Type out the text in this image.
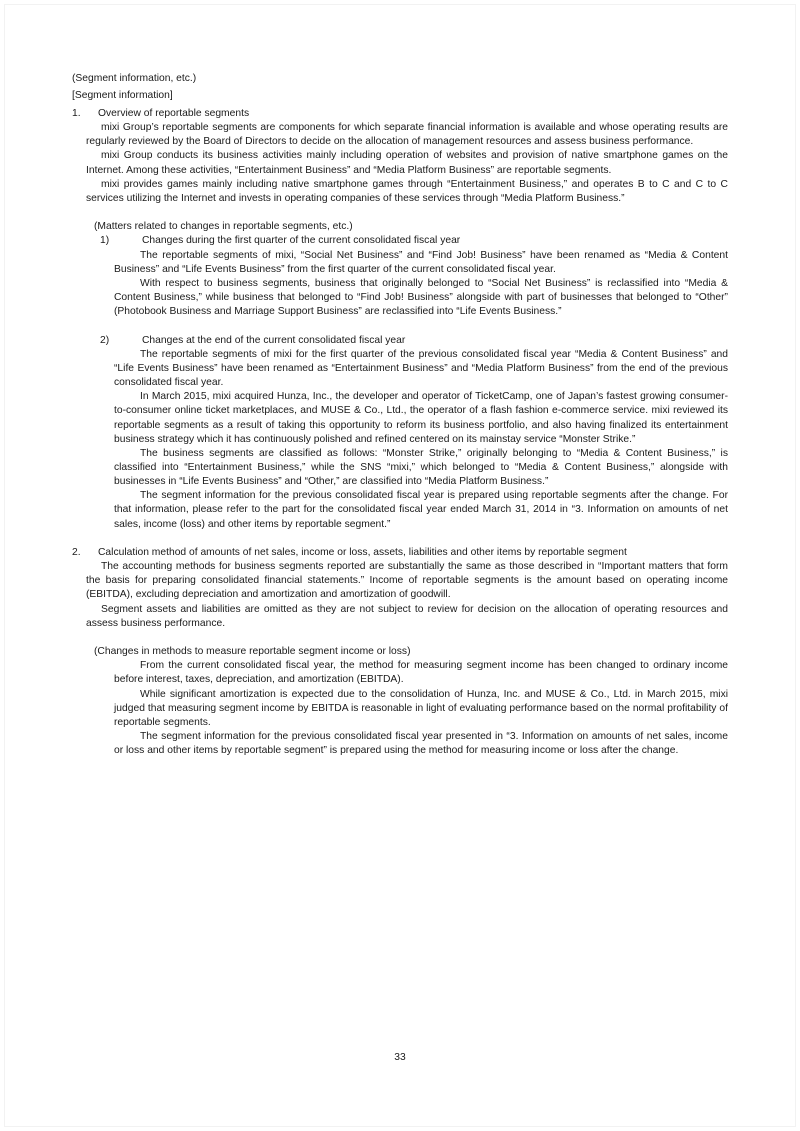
(Segment information, etc.)
[Segment information]
1. Overview of reportable segments

mixi Group’s reportable segments are components for which separate financial information is available and whose operating results are regularly reviewed by the Board of Directors to decide on the allocation of management resources and assess business performance.

mixi Group conducts its business activities mainly including operation of websites and provision of native smartphone games on the Internet. Among these activities, “Entertainment Business” and “Media Platform Business” are reportable segments.

mixi provides games mainly including native smartphone games through “Entertainment Business,” and operates B to C and C to C services utilizing the Internet and invests in operating companies of these services through “Media Platform Business.”

(Matters related to changes in reportable segments, etc.)
1)	Changes during the first quarter of the current consolidated fiscal year

The reportable segments of mixi, “Social Net Business” and “Find Job! Business” have been renamed as “Media & Content Business” and “Life Events Business” from the first quarter of the current consolidated fiscal year.

With respect to business segments, business that originally belonged to “Social Net Business” is reclassified into “Media & Content Business,” while business that belonged to “Find Job! Business” alongside with part of businesses that belonged to “Other” (Photobook Business and Marriage Support Business” are reclassified into “Life Events Business.”

2)	Changes at the end of the current consolidated fiscal year

The reportable segments of mixi for the first quarter of the previous consolidated fiscal year “Media & Content Business” and “Life Events Business” have been renamed as “Entertainment Business” and “Media Platform Business” from the end of the previous consolidated fiscal year.

In March 2015, mixi acquired Hunza, Inc., the developer and operator of TicketCamp, one of Japan’s fastest growing consumer-to-consumer online ticket marketplaces, and MUSE & Co., Ltd., the operator of a flash fashion e-commerce service. mixi reviewed its reportable segments as a result of taking this opportunity to reform its business portfolio, and also having finalized its entertainment business strategy which it has continuously polished and refined centered on its mainstay service “Monster Strike.”

The business segments are classified as follows: “Monster Strike,” originally belonging to “Media & Content Business,” is classified into “Entertainment Business,” while the SNS “mixi,” which belonged to “Media & Content Business,” alongside with businesses in “Life Events Business” and “Other,” are classified into “Media Platform Business.”

The segment information for the previous consolidated fiscal year is prepared using reportable segments after the change. For that information, please refer to the part for the consolidated fiscal year ended March 31, 2014 in “3. Information on amounts of net sales, income (loss) and other items by reportable segment.”

2. Calculation method of amounts of net sales, income or loss, assets, liabilities and other items by reportable segment

The accounting methods for business segments reported are substantially the same as those described in “Important matters that form the basis for preparing consolidated financial statements.” Income of reportable segments is the amount based on operating income (EBITDA), excluding depreciation and amortization and amortization of goodwill.

Segment assets and liabilities are omitted as they are not subject to review for decision on the allocation of operating resources and assess business performance.

(Changes in methods to measure reportable segment income or loss)

From the current consolidated fiscal year, the method for measuring segment income has been changed to ordinary income before interest, taxes, depreciation, and amortization (EBITDA).

While significant amortization is expected due to the consolidation of Hunza, Inc. and MUSE & Co., Ltd. in March 2015, mixi judged that measuring segment income by EBITDA is reasonable in light of evaluating performance based on the normal profitability of reportable segments.

The segment information for the previous consolidated fiscal year presented in “3. Information on amounts of net sales, income or loss and other items by reportable segment” is prepared using the method for measuring income or loss after the change.

33
